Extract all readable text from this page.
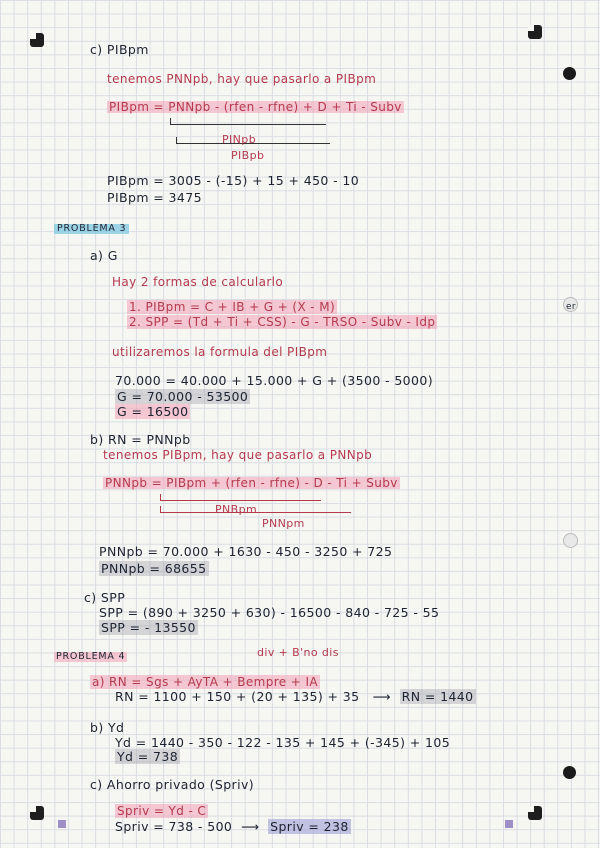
er
c) PIBpm
tenemos PNNpb, hay que pasarlo a PIBpm
PIBpm = PNNpb - (rfen - rfne) + D + Ti - Subv
PINpb
PIBpb
PIBpm = 3005 - (-15) + 15 + 450 - 10
PIBpm = 3475
PROBLEMA 3
a) G
Hay 2 formas de calcularlo
1. PIBpm = C + IB + G + (X - M)
2. SPP = (Td + Ti + CSS) - G - TRSO - Subv - Idp
utilizaremos la formula del PIBpm
70.000 = 40.000 + 15.000 + G + (3500 - 5000)
G = 70.000 - 53500
G = 16500
b) RN = PNNpb
tenemos PIBpm, hay que pasarlo a PNNpb
PNNpb = PIBpm + (rfen - rfne) - D - Ti + Subv
PNBpm
PNNpm
PNNpb = 70.000 + 1630 - 450 - 3250 + 725
PNNpb = 68655
c) SPP
SPP = (890 + 3250 + 630) - 16500 - 840 - 725 - 55
SPP = - 13550
PROBLEMA 4	div + B'no dis
a) RN = Sgs + AyTA + Bempre + IA
RN = 1100 + 150 + (20 + 135) + 35   ⟶  RN = 1440
b) Yd
Yd = 1440 - 350 - 122 - 135 + 145 + (-345) + 105
Yd = 738
c) Ahorro privado (Spriv)
Spriv = Yd - C
Spriv = 738 - 500  ⟶  Spriv = 238
